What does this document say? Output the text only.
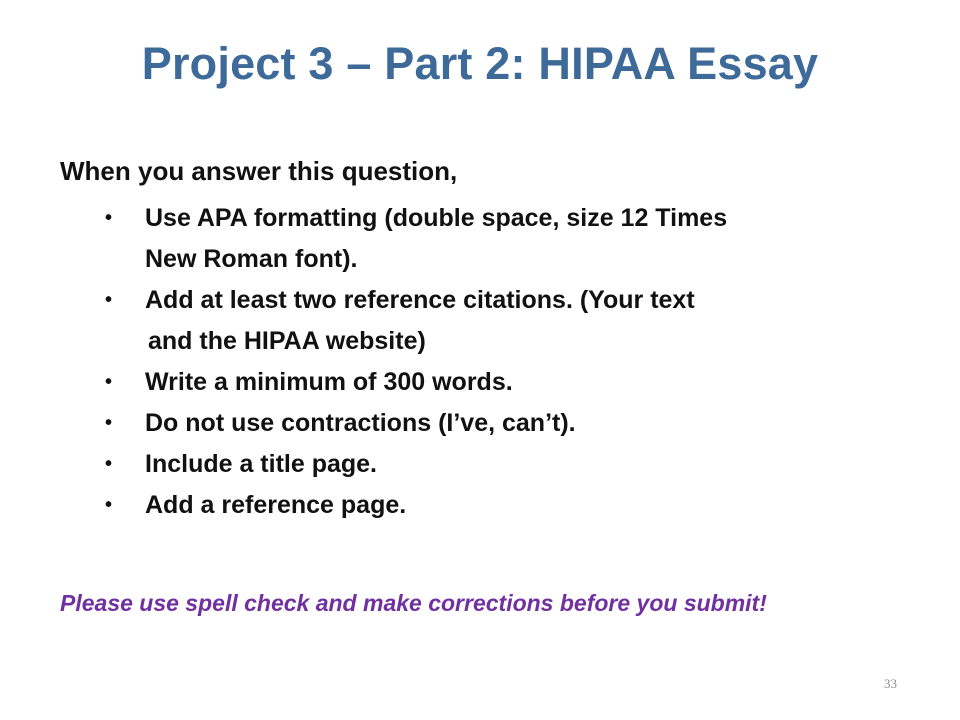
Project 3 – Part 2: HIPAA Essay
When you answer this question,
• Use APA formatting (double space, size 12 Times
New Roman font).
• Add at least two reference citations. (Your text
and the HIPAA website)
• Write a minimum of 300 words.
• Do not use contractions (I’ve, can’t).
• Include a title page.
• Add a reference page.
Please use spell check and make corrections before you submit!
33
